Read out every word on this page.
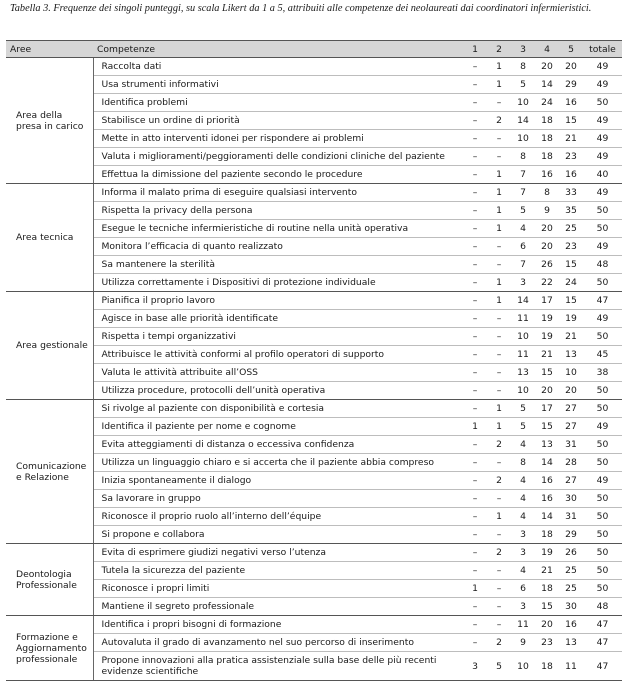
Tabella 3. Frequenze dei singoli punteggi, su scala Likert da 1 a 5, attribuiti alle competenze dei neolaureati dai coordinatori infermieristici.
Aree	Competenze	1	2	3	4	5	totale
Area della presa in carico	Raccolta dati	–	1	8	20	20	49
	Usa strumenti informativi	–	1	5	14	29	49
	Identifica problemi	–	–	10	24	16	50
	Stabilisce un ordine di priorità	–	2	14	18	15	49
	Mette in atto interventi idonei per rispondere ai problemi	–	–	10	18	21	49
	Valuta i miglioramenti/peggioramenti delle condizioni cliniche del paziente	–	–	8	18	23	49
	Effettua la dimissione del paziente secondo le procedure	–	1	7	16	16	40
Area tecnica	Informa il malato prima di eseguire qualsiasi intervento	–	1	7	8	33	49
	Rispetta la privacy della persona	–	1	5	9	35	50
	Esegue le tecniche infermieristiche di routine nella unità operativa	–	1	4	20	25	50
	Monitora l’efficacia di quanto realizzato	–	–	6	20	23	49
	Sa mantenere la sterilità	–	–	7	26	15	48
	Utilizza correttamente i Dispositivi di protezione individuale	–	1	3	22	24	50
Area gestionale	Pianifica il proprio lavoro	–	1	14	17	15	47
	Agisce in base alle priorità identificate	–	–	11	19	19	49
	Rispetta i tempi organizzativi	–	–	10	19	21	50
	Attribuisce le attività conformi al profilo operatori di supporto	–	–	11	21	13	45
	Valuta le attività attribuite all’OSS	–	–	13	15	10	38
	Utilizza procedure, protocolli dell’unità operativa	–	–	10	20	20	50
Comunicazione e Relazione	Si rivolge al paziente con disponibilità e cortesia	–	1	5	17	27	50
	Identifica il paziente per nome e cognome	1	1	5	15	27	49
	Evita atteggiamenti di distanza o eccessiva confidenza	–	2	4	13	31	50
	Utilizza un linguaggio chiaro e si accerta che il paziente abbia compreso	–	–	8	14	28	50
	Inizia spontaneamente il dialogo	–	2	4	16	27	49
	Sa lavorare in gruppo	–	–	4	16	30	50
	Riconosce il proprio ruolo all’interno dell’équipe	–	1	4	14	31	50
	Si propone e collabora	–	–	3	18	29	50
Deontologia Professionale	Evita di esprimere giudizi negativi verso l’utenza	–	2	3	19	26	50
	Tutela la sicurezza del paziente	–	–	4	21	25	50
	Riconosce i propri limiti	1	–	6	18	25	50
	Mantiene il segreto professionale	–	–	3	15	30	48
Formazione e Aggiornamento professionale	Identifica i propri bisogni di formazione	–	–	11	20	16	47
	Autovaluta il grado di avanzamento nel suo percorso di inserimento	–	2	9	23	13	47
	Propone innovazioni alla pratica assistenziale sulla base delle più recenti evidenze scientifiche	3	5	10	18	11	47
